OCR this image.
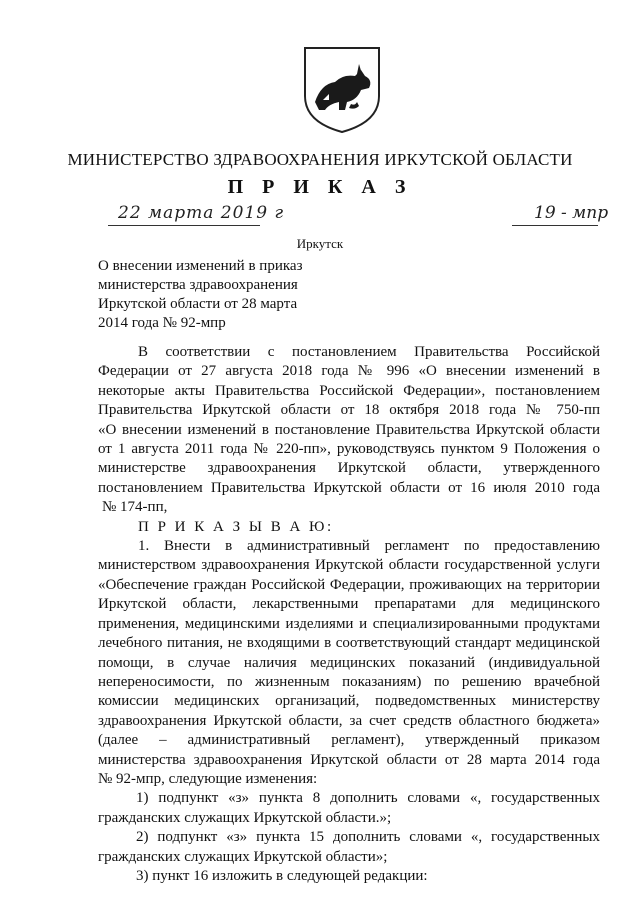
МИНИСТЕРСТВО ЗДРАВООХРАНЕНИЯ ИРКУТСКОЙ ОБЛАСТИ
П Р И К А З
22 марта 2019 г	19 - мпр
Иркутск
О внесении изменений в приказ
министерства здравоохранения
Иркутской области от 28 марта
2014 года № 92-мпр
В соответствии с постановлением Правительства Российской
Федерации от 27 августа 2018 года № 996 «О внесении изменений в
некоторые акты Правительства Российской Федерации», постановлением
Правительства Иркутской области от 18 октября 2018 года № 750-пп
«О внесении изменений в постановление Правительства Иркутской области
от 1 августа 2011 года № 220-пп», руководствуясь пунктом 9 Положения о
министерстве здравоохранения Иркутской области, утвержденного
постановлением Правительства Иркутской области от 16 июля 2010 года
№ 174-пп,
П Р И К А З Ы В А Ю:
1. Внести в административный регламент по предоставлению
министерством здравоохранения Иркутской области государственной услуги
«Обеспечение граждан Российской Федерации, проживающих на территории
Иркутской области, лекарственными препаратами для медицинского
применения, медицинскими изделиями и специализированными продуктами
лечебного питания, не входящими в соответствующий стандарт медицинской
помощи, в случае наличия медицинских показаний (индивидуальной
непереносимости, по жизненным показаниям) по решению врачебной
комиссии медицинских организаций, подведомственных министерству
здравоохранения Иркутской области, за счет средств областного бюджета»
(далее – административный регламент), утвержденный приказом
министерства здравоохранения Иркутской области от 28 марта 2014 года
№ 92-мпр, следующие изменения:
1) подпункт «з» пункта 8 дополнить словами «, государственных
гражданских служащих Иркутской области.»;
2) подпункт «з» пункта 15 дополнить словами «, государственных
гражданских служащих Иркутской области»;
3) пункт 16 изложить в следующей редакции:
